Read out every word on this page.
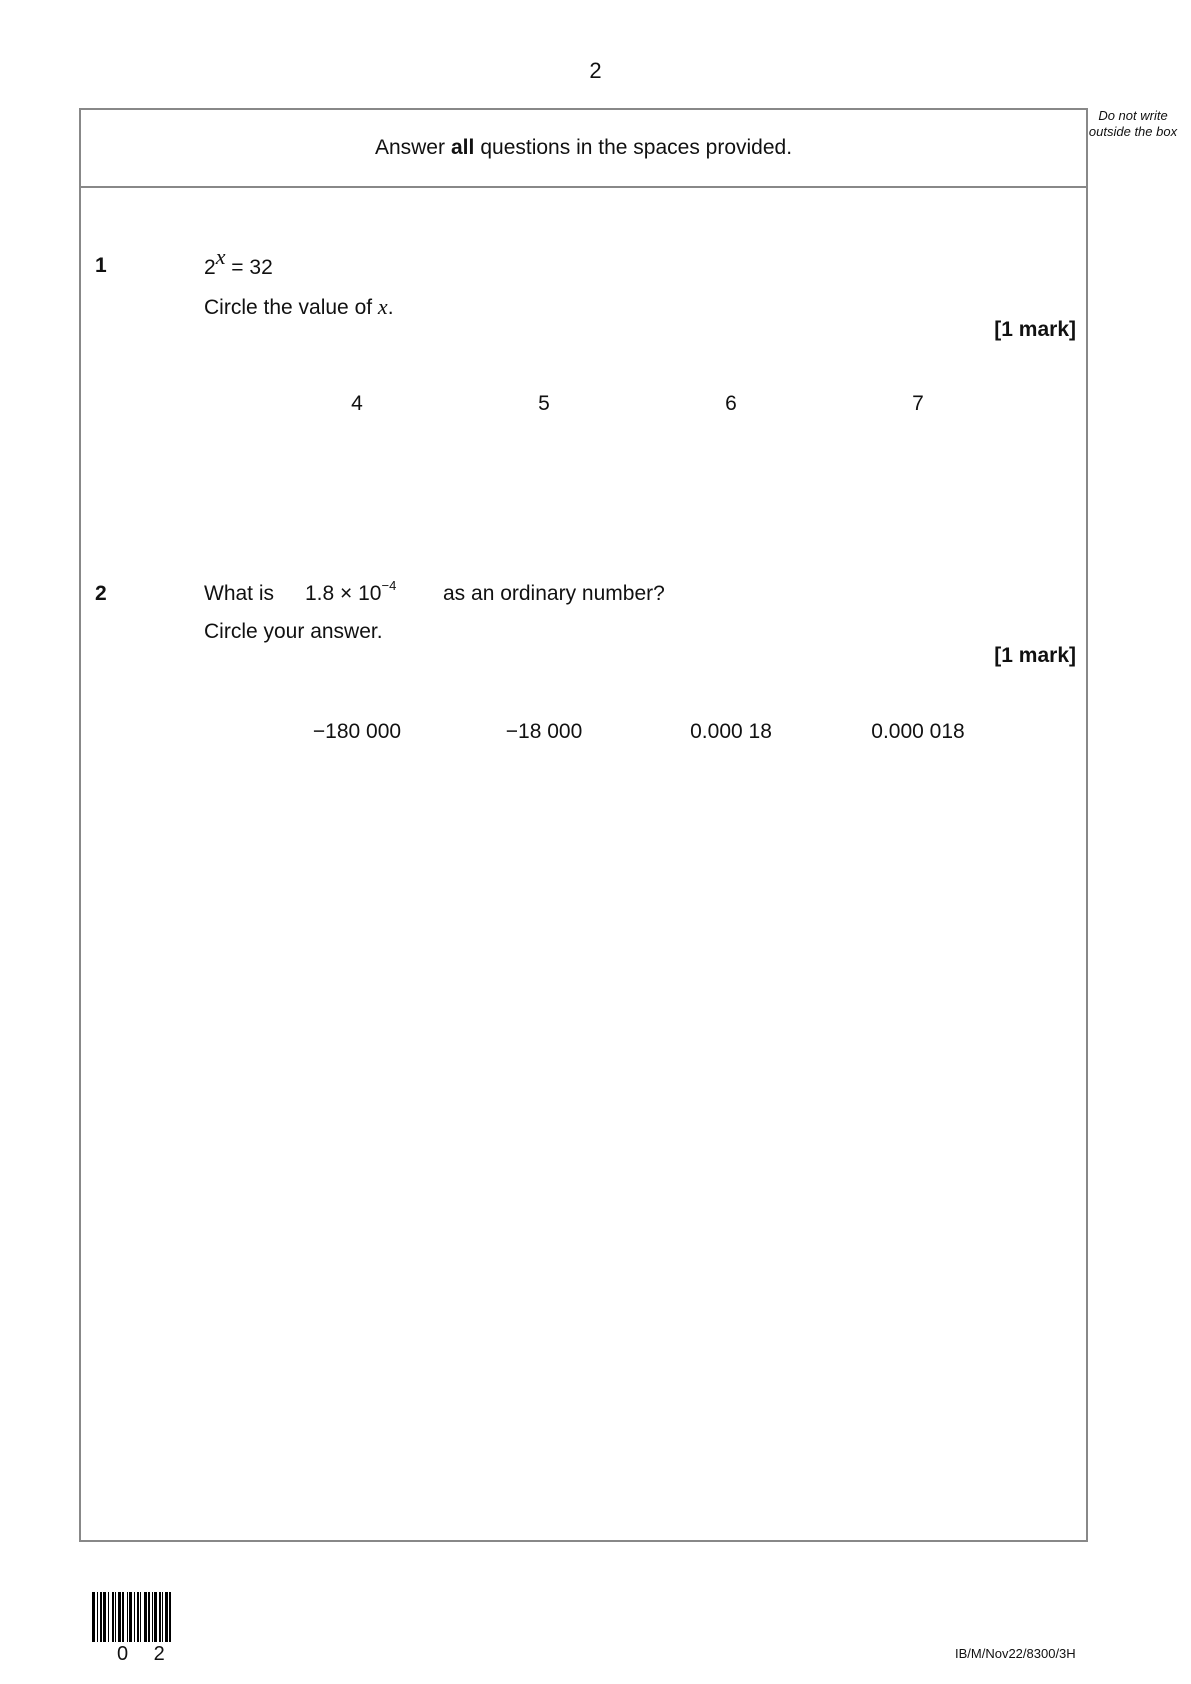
2
Do not write outside the box
Answer all questions in the spaces provided.
1	2x = 32
Circle the value of x.
[1 mark]
4	5	6	7
2	What is $1.8 \times 10^{-4}$ as an ordinary number?
Circle your answer.
[1 mark]
−180 000	−18 000	0.000 18	0.000 018
0 2	IB/M/Nov22/8300/3H
